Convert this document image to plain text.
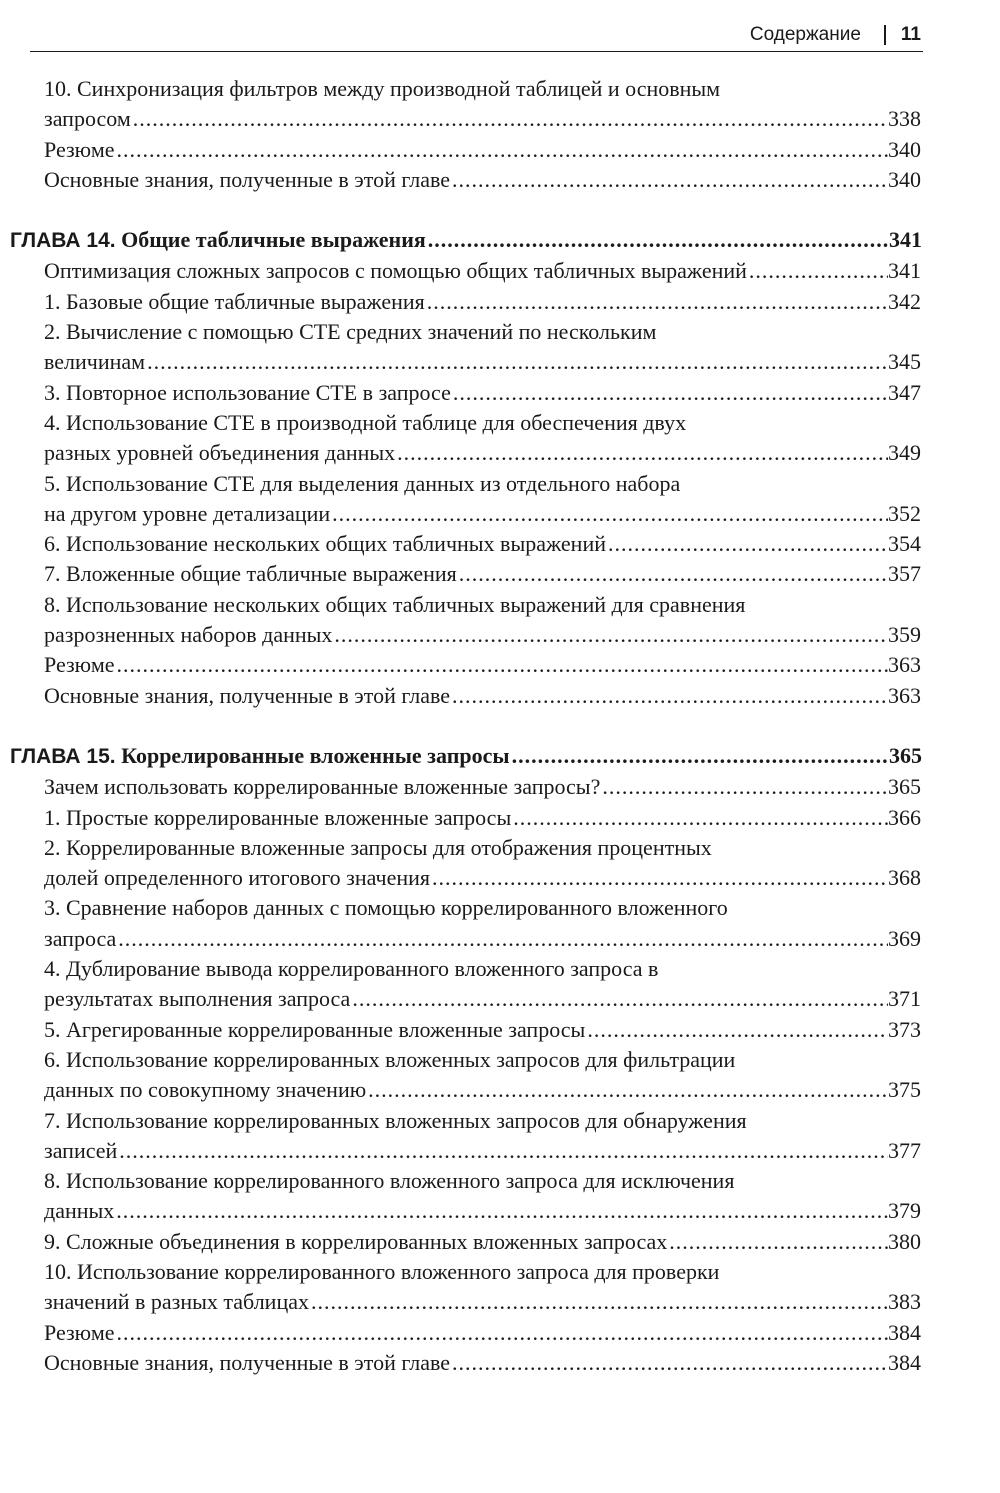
Содержание 11
10. Синхронизация фильтров между производной таблицей и основным
запросом .....	338
Резюме .....	340
Основные знания, полученные в этой главе .....	340
ГЛАВА 14. Общие табличные выражения .....	341
Оптимизация сложных запросов с помощью общих табличных выражений .....	341
1. Базовые общие табличные выражения .....	342
2. Вычисление с помощью СТЕ средних значений по нескольким
величинам .....	345
3. Повторное использование СТЕ в запросе .....	347
4. Использование СТЕ в производной таблице для обеспечения двух
разных уровней объединения данных .....	349
5. Использование СТЕ для выделения данных из отдельного набора
на другом уровне детализации .....	352
6. Использование нескольких общих табличных выражений .....	354
7. Вложенные общие табличные выражения .....	357
8. Использование нескольких общих табличных выражений для сравнения
разрозненных наборов данных .....	359
Резюме .....	363
Основные знания, полученные в этой главе .....	363
ГЛАВА 15. Коррелированные вложенные запросы .....	365
Зачем использовать коррелированные вложенные запросы? .....	365
1. Простые коррелированные вложенные запросы .....	366
2. Коррелированные вложенные запросы для отображения процентных
долей определенного итогового значения .....	368
3. Сравнение наборов данных с помощью коррелированного вложенного
запроса .....	369
4. Дублирование вывода коррелированного вложенного запроса в
результатах выполнения запроса .....	371
5. Агрегированные коррелированные вложенные запросы .....	373
6. Использование коррелированных вложенных запросов для фильтрации
данных по совокупному значению .....	375
7. Использование коррелированных вложенных запросов для обнаружения
записей .....	377
8. Использование коррелированного вложенного запроса для исключения
данных .....	379
9. Сложные объединения в коррелированных вложенных запросах .....	380
10. Использование коррелированного вложенного запроса для проверки
значений в разных таблицах .....	383
Резюме .....	384
Основные знания, полученные в этой главе .....	384
